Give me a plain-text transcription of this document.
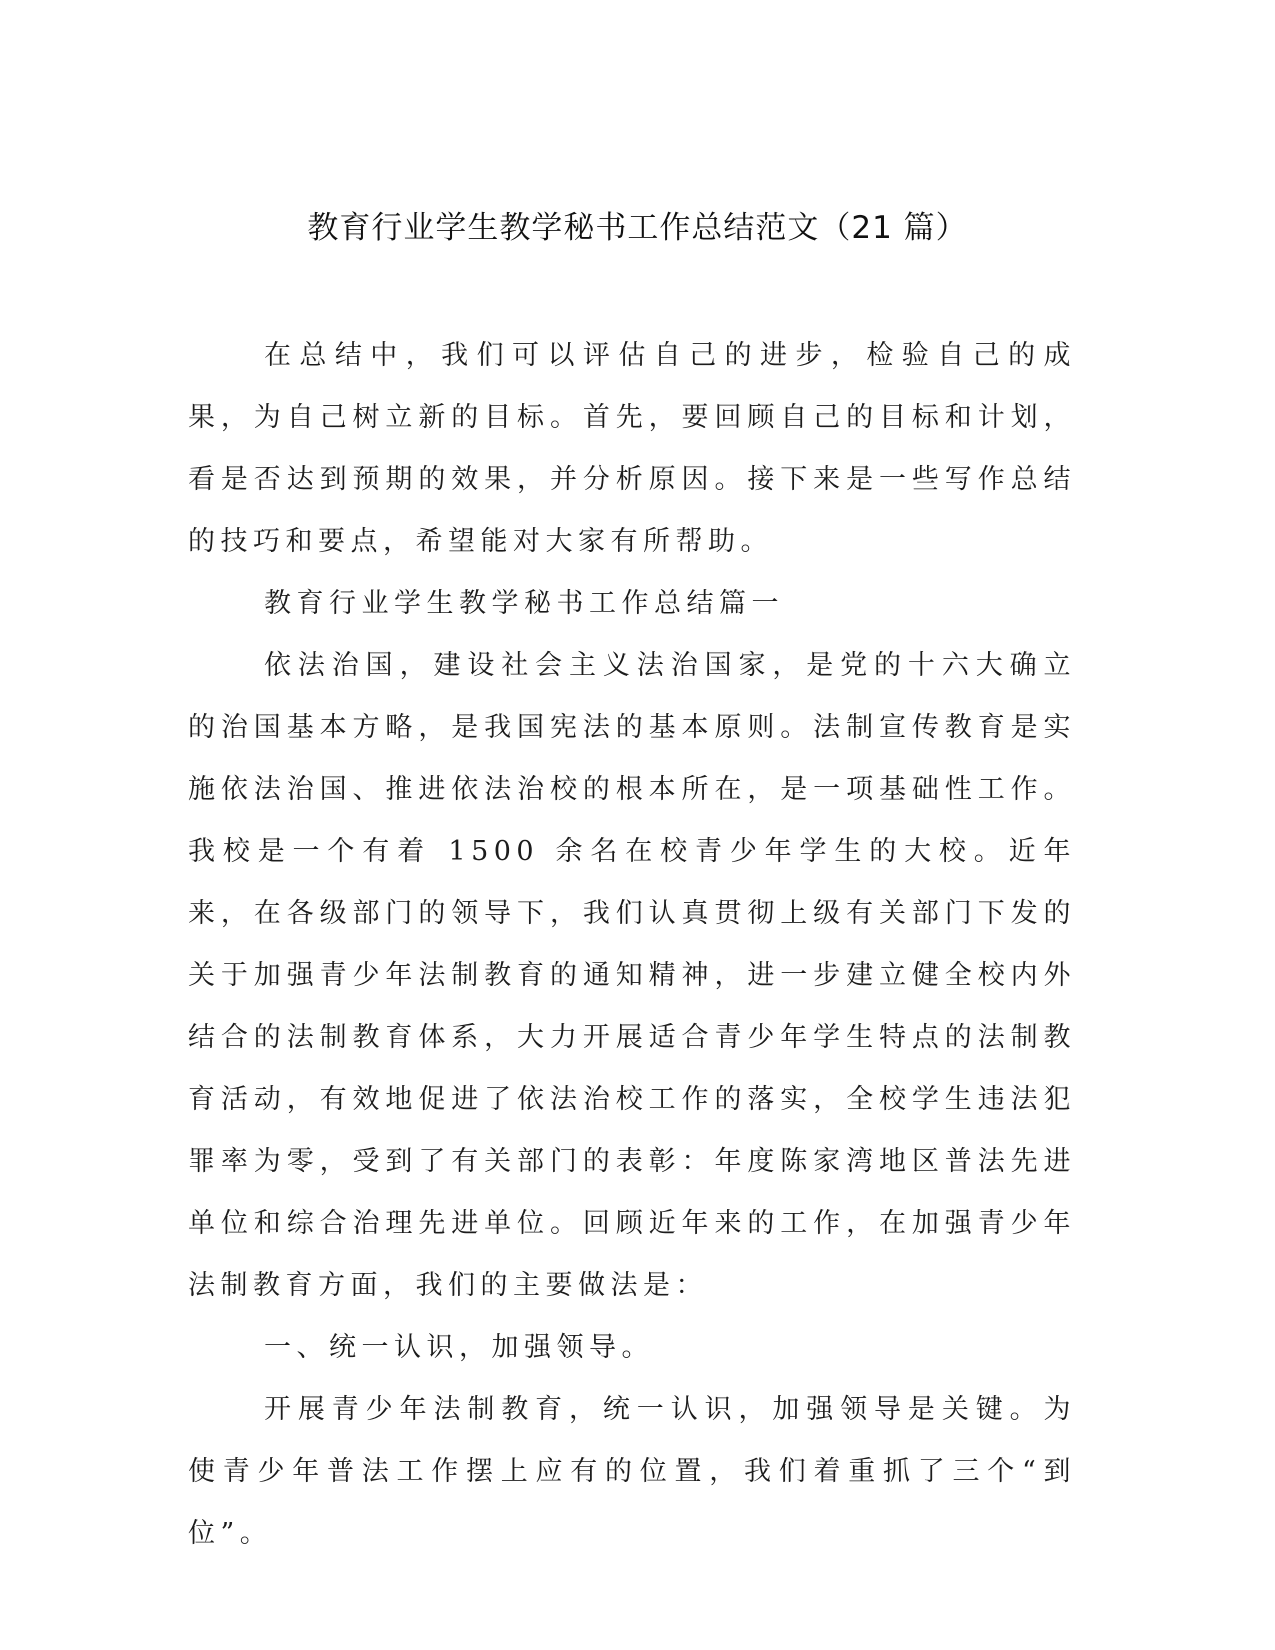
教育行业学生教学秘书工作总结范文（21 篇）

在总结中，我们可以评估自己的进步，检验自己的成果，为自己树立新的目标。首先，要回顾自己的目标和计划，看是否达到预期的效果，并分析原因。接下来是一些写作总结的技巧和要点，希望能对大家有所帮助。

教育行业学生教学秘书工作总结篇一

依法治国，建设社会主义法治国家，是党的十六大确立的治国基本方略，是我国宪法的基本原则。法制宣传教育是实施依法治国、推进依法治校的根本所在，是一项基础性工作。我校是一个有着 1500 余名在校青少年学生的大校。近年来，在各级部门的领导下，我们认真贯彻上级有关部门下发的关于加强青少年法制教育的通知精神，进一步建立健全校内外结合的法制教育体系，大力开展适合青少年学生特点的法制教育活动，有效地促进了依法治校工作的落实，全校学生违法犯罪率为零，受到了有关部门的表彰：年度陈家湾地区普法先进单位和综合治理先进单位。回顾近年来的工作，在加强青少年法制教育方面，我们的主要做法是：

一、统一认识，加强领导。

开展青少年法制教育，统一认识，加强领导是关键。为使青少年普法工作摆上应有的位置，我们着重抓了三个“到位”。
